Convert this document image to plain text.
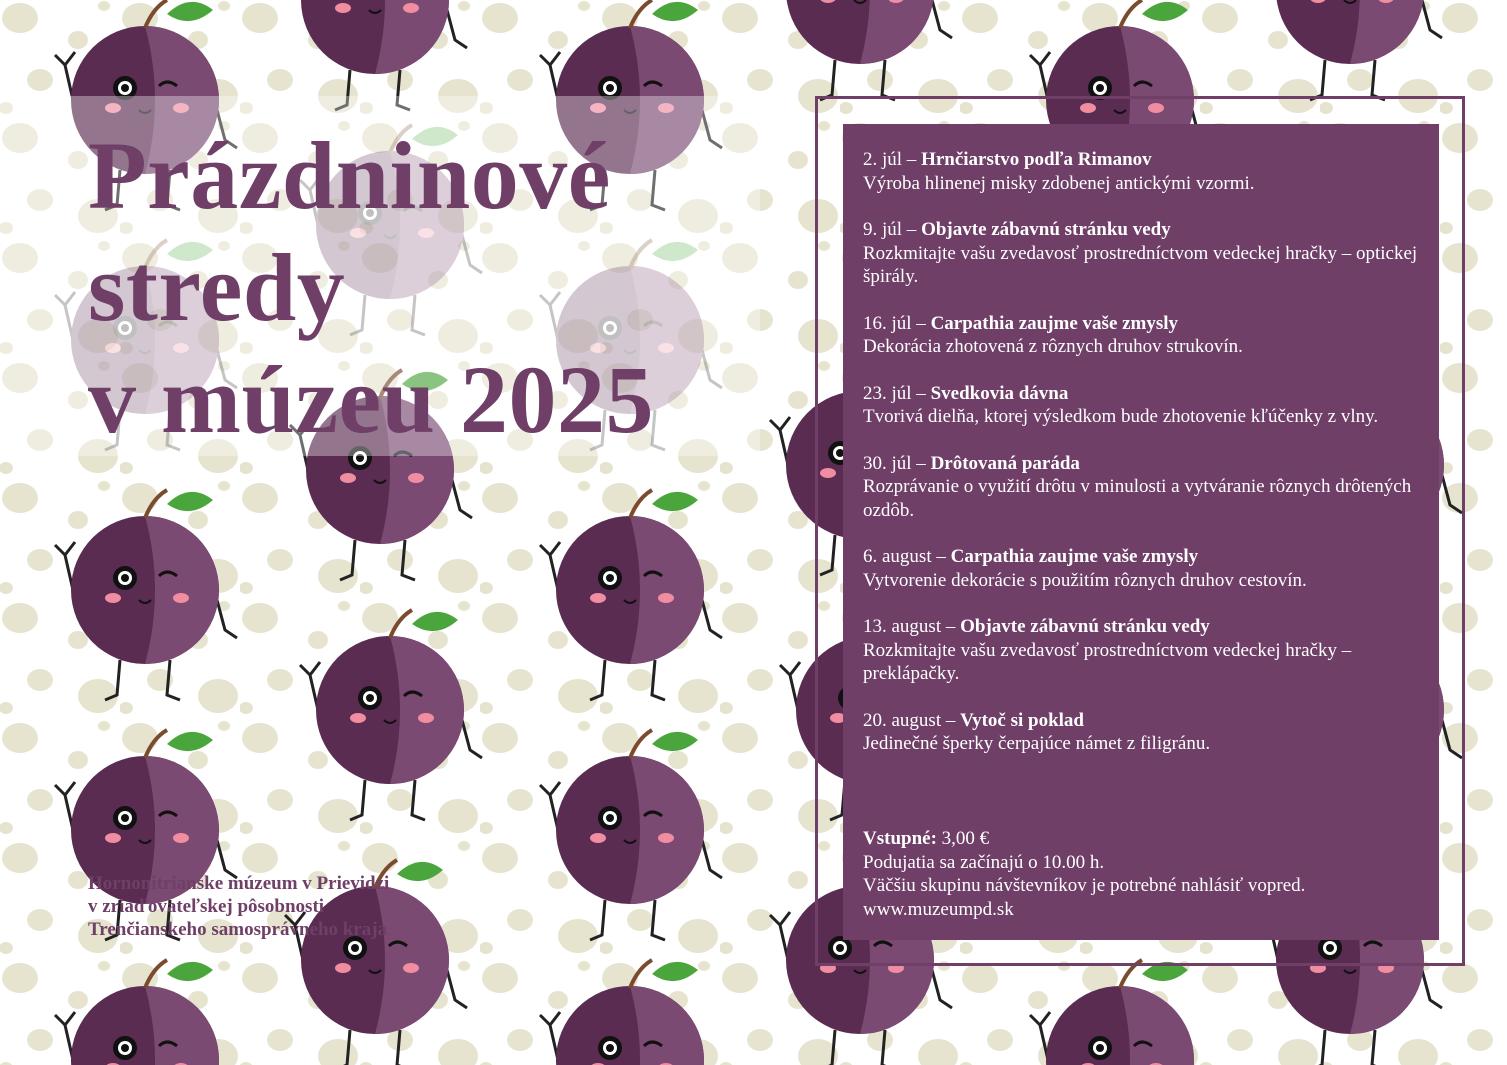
Prázdninové
stredy
v múzeu 2025
Hornonitrianske múzeum v Prievidzi
v zriaďovateľskej pôsobnosti
Trenčianskeho samosprávneho kraja
2. júl – Hrnčiarstvo podľa Rimanov
Výroba hlinenej misky zdobenej antickými vzormi.
9. júl – Objavte zábavnú stránku vedy
Rozkmitajte vašu zvedavosť prostredníctvom vedeckej hračky – optickej špirály.
16. júl – Carpathia zaujme vaše zmysly
Dekorácia zhotovená z rôznych druhov strukovín.
23. júl – Svedkovia dávna
Tvorivá dielňa, ktorej výsledkom bude zhotovenie kľúčenky z vlny.
30. júl – Drôtovaná paráda
Rozprávanie o využití drôtu v minulosti a vytváranie rôznych drôtených ozdôb.
6. august – Carpathia zaujme vaše zmysly
Vytvorenie dekorácie s použitím rôznych druhov cestovín.
13. august – Objavte zábavnú stránku vedy
Rozkmitajte vašu zvedavosť prostredníctvom vedeckej hračky – preklápačky.
20. august – Vytoč si poklad
Jedinečné šperky čerpajúce námet z filigránu.
Vstupné: 3,00 €
Podujatia sa začínajú o 10.00 h.
Väčšiu skupinu návštevníkov je potrebné nahlásiť vopred.
www.muzeumpd.sk
